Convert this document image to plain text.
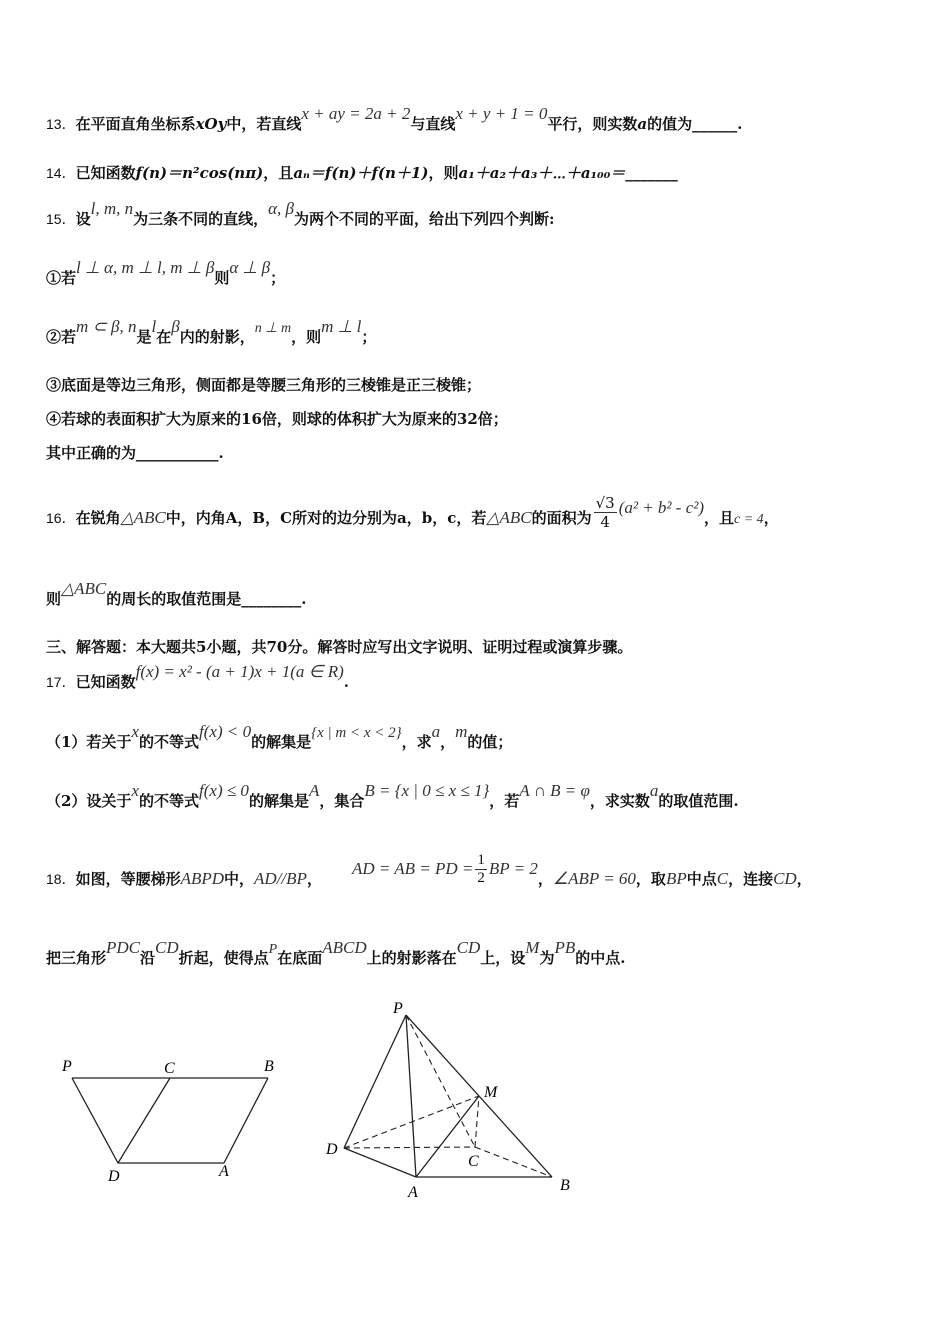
13．在平面直角坐标系xOy中，若直线x + ay = 2a + 2与直线x + y + 1 = 0平行，则实数a的值为______.
14．已知函数f(n)＝n²cos(nπ)，且aₙ＝f(n)＋f(n＋1)，则a₁＋a₂＋a₃＋⋯＋a₁₀₀＝_______
15．设l, m, n为三条不同的直线，α, β为两个不同的平面，给出下列四个判断:
①若l ⊥ α, m ⊥ l, m ⊥ β则α ⊥ β；
②若m ⊂ β, n是l在β内的射影，n ⊥ m，则m ⊥ l；
③底面是等边三角形，侧面都是等腰三角形的三棱锥是正三棱锥；
④若球的表面积扩大为原来的16倍，则球的体积扩大为原来的32倍；
其中正确的为___________.
16．在锐角△ABC中，内角A，B，C所对的边分别为a，b，c，若△ABC的面积为 $\frac{√3}{4} (a^2 + b^2 - c^2)$，且c = 4，
则△ABC的周长的取值范围是________.
三、解答题：本大题共5小题，共70分。解答时应写出文字说明、证明过程或演算步骤。
17．已知函数f(x) = x² - (a + 1)x + 1(a ∈ R).
（1）若关于x的不等式f(x) < 0的解集是{x | m < x < 2}，求a，m的值；
（2）设关于x的不等式f(x) ≤ 0的解集是A，集合B = {x | 0 ≤ x ≤ 1}，若A ∩ B = φ，求实数a的取值范围.
18．如图，等腰梯形ABPD中，AD//BP，AD = AB = PD = $\frac{1}{2}$ BP = 2，∠ABP = 60，取BP中点C，连接CD，
把三角形PDC沿CD折起，使得点P在底面ABCD上的射影落在CD上，设M为PB的中点.
P	C	B
D	A
P
M
D
C
A	B
